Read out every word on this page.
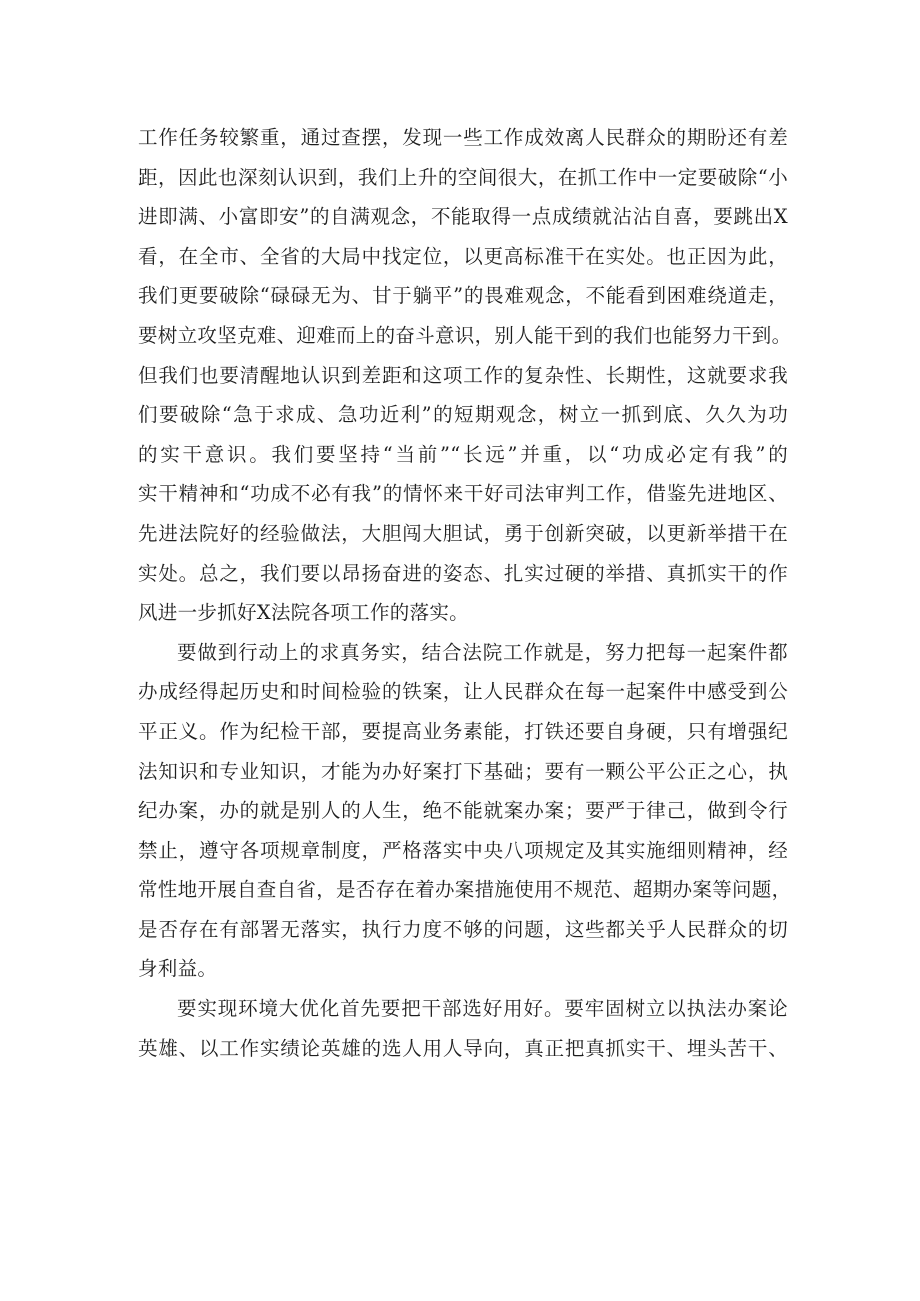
工作任务较繁重，通过查摆，发现一些工作成效离人民群众的期盼还有差
距，因此也深刻认识到，我们上升的空间很大，在抓工作中一定要破除“小
进即满、小富即安”的自满观念，不能取得一点成绩就沾沾自喜，要跳出X
看，在全市、全省的大局中找定位，以更高标准干在实处。也正因为此，
我们更要破除“碌碌无为、甘于躺平”的畏难观念，不能看到困难绕道走，
要树立攻坚克难、迎难而上的奋斗意识，别人能干到的我们也能努力干到。
但我们也要清醒地认识到差距和这项工作的复杂性、长期性，这就要求我
们要破除“急于求成、急功近利”的短期观念，树立一抓到底、久久为功
的实干意识。我们要坚持“当前”“长远”并重，以“功成必定有我”的
实干精神和“功成不必有我”的情怀来干好司法审判工作，借鉴先进地区、
先进法院好的经验做法，大胆闯大胆试，勇于创新突破，以更新举措干在
实处。总之，我们要以昂扬奋进的姿态、扎实过硬的举措、真抓实干的作
风进一步抓好X法院各项工作的落实。
要做到行动上的求真务实，结合法院工作就是，努力把每一起案件都
办成经得起历史和时间检验的铁案，让人民群众在每一起案件中感受到公
平正义。作为纪检干部，要提高业务素能，打铁还要自身硬，只有增强纪
法知识和专业知识，才能为办好案打下基础；要有一颗公平公正之心，执
纪办案，办的就是别人的人生，绝不能就案办案；要严于律己，做到令行
禁止，遵守各项规章制度，严格落实中央八项规定及其实施细则精神，经
常性地开展自查自省，是否存在着办案措施使用不规范、超期办案等问题，
是否存在有部署无落实，执行力度不够的问题，这些都关乎人民群众的切
身利益。
要实现环境大优化首先要把干部选好用好。要牢固树立以执法办案论
英雄、以工作实绩论英雄的选人用人导向，真正把真抓实干、埋头苦干、
